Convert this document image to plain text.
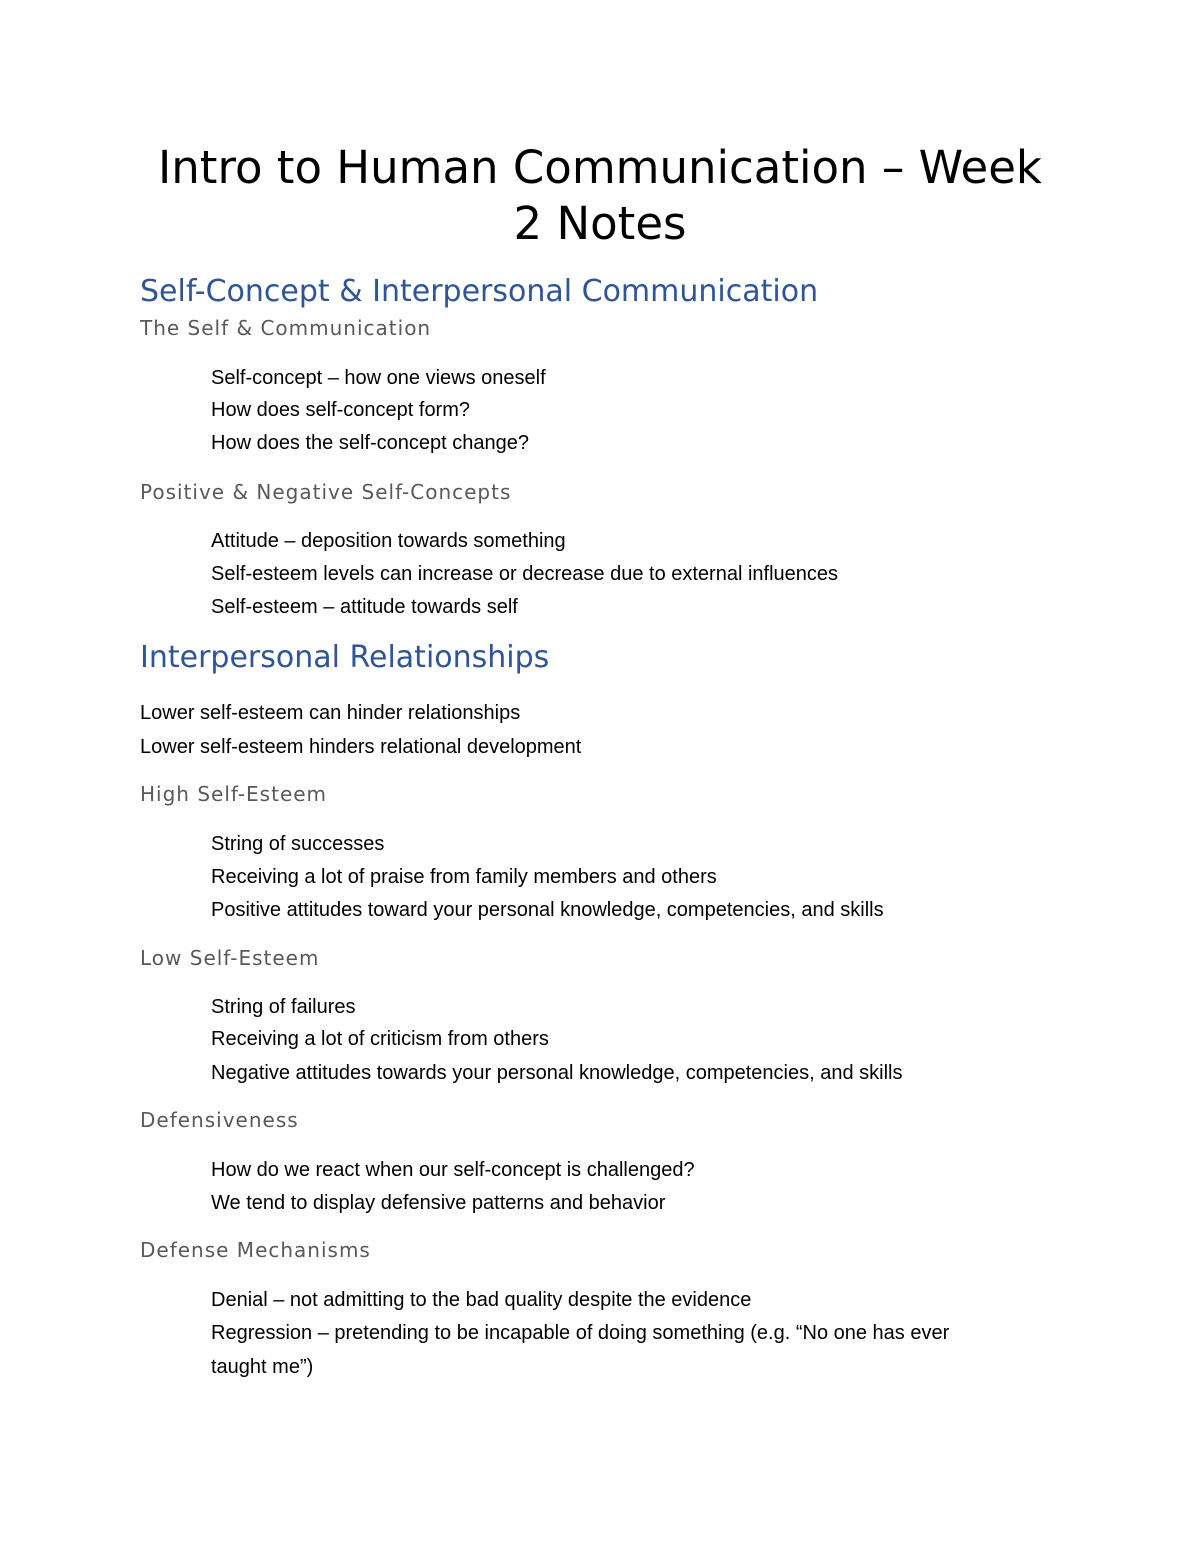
Intro to Human Communication – Week
2 Notes
Self-Concept & Interpersonal Communication
The Self & Communication
Self-concept – how one views oneself
How does self-concept form?
How does the self-concept change?
Positive & Negative Self-Concepts
Attitude – deposition towards something
Self-esteem levels can increase or decrease due to external influences
Self-esteem – attitude towards self
Interpersonal Relationships
Lower self-esteem can hinder relationships
Lower self-esteem hinders relational development
High Self-Esteem
String of successes
Receiving a lot of praise from family members and others
Positive attitudes toward your personal knowledge, competencies, and skills
Low Self-Esteem
String of failures
Receiving a lot of criticism from others
Negative attitudes towards your personal knowledge, competencies, and skills
Defensiveness
How do we react when our self-concept is challenged?
We tend to display defensive patterns and behavior
Defense Mechanisms
Denial – not admitting to the bad quality despite the evidence
Regression – pretending to be incapable of doing something (e.g. “No one has ever
taught me”)
